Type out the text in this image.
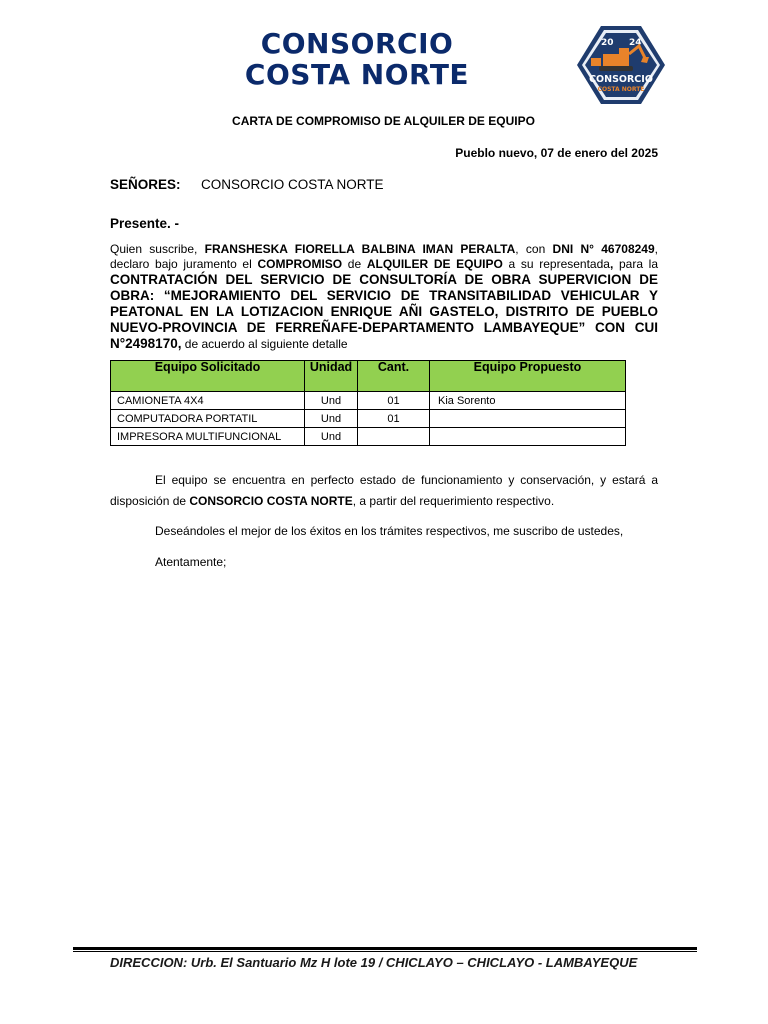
CONSORCIO
COSTA NORTE
20 24
CONSORCIO
COSTA NORTE
CARTA DE COMPROMISO DE ALQUILER DE EQUIPO
Pueblo nuevo, 07 de enero del 2025
SEÑORES: CONSORCIO COSTA NORTE
Presente. -
Quien suscribe, FRANSHESKA FIORELLA BALBINA IMAN PERALTA, con DNI N° 46708249, declaro bajo juramento el COMPROMISO de ALQUILER DE EQUIPO a su representada, para la CONTRATACIÓN DEL SERVICIO DE CONSULTORÍA DE OBRA SUPERVICION DE OBRA: “MEJORAMIENTO DEL SERVICIO DE TRANSITABILIDAD VEHICULAR Y PEATONAL EN LA LOTIZACION ENRIQUE AÑI GASTELO, DISTRITO DE PUEBLO NUEVO-PROVINCIA DE FERREÑAFE-DEPARTAMENTO LAMBAYEQUE” CON CUI N°2498170, de acuerdo al siguiente detalle
Equipo Solicitado	Unidad	Cant.	Equipo Propuesto
CAMIONETA 4X4	Und	01	Kia Sorento
COMPUTADORA PORTATIL	Und	01	
IMPRESORA MULTIFUNCIONAL	Und		
El equipo se encuentra en perfecto estado de funcionamiento y conservación, y estará a disposición de CONSORCIO COSTA NORTE, a partir del requerimiento respectivo.
Deseándoles el mejor de los éxitos en los trámites respectivos, me suscribo de ustedes,
Atentamente;
DIRECCION: Urb. El Santuario Mz H lote 19 / CHICLAYO – CHICLAYO - LAMBAYEQUE
